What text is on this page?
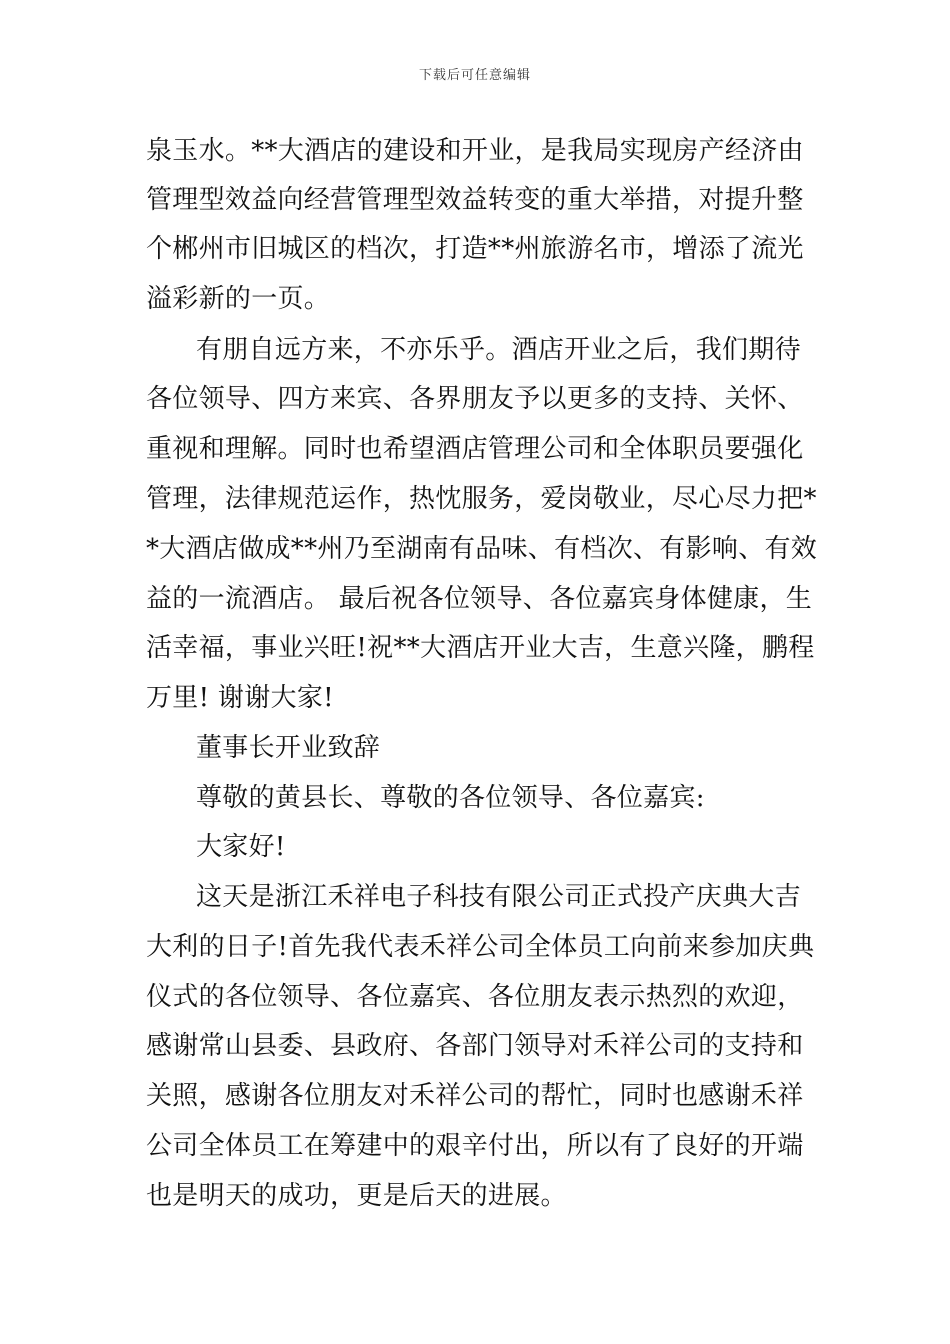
下载后可任意编辑
泉玉水。**大酒店的建设和开业，是我局实现房产经济由
管理型效益向经营管理型效益转变的重大举措，对提升整
个郴州市旧城区的档次，打造**州旅游名市，增添了流光
溢彩新的一页。
有朋自远方来，不亦乐乎。酒店开业之后，我们期待
各位领导、四方来宾、各界朋友予以更多的支持、关怀、
重视和理解。同时也希望酒店管理公司和全体职员要强化
管理，法律规范运作，热忱服务，爱岗敬业，尽心尽力把*
*大酒店做成**州乃至湖南有品味、有档次、有影响、有效
益的一流酒店。 最后祝各位领导、各位嘉宾身体健康，生
活幸福，事业兴旺!祝**大酒店开业大吉，生意兴隆，鹏程
万里! 谢谢大家!
董事长开业致辞
尊敬的黄县长、尊敬的各位领导、各位嘉宾:
大家好!
这天是浙江禾祥电子科技有限公司正式投产庆典大吉
大利的日子!首先我代表禾祥公司全体员工向前来参加庆典
仪式的各位领导、各位嘉宾、各位朋友表示热烈的欢迎，
感谢常山县委、县政府、各部门领导对禾祥公司的支持和
关照，感谢各位朋友对禾祥公司的帮忙，同时也感谢禾祥
公司全体员工在筹建中的艰辛付出，所以有了良好的开端
也是明天的成功，更是后天的进展。
